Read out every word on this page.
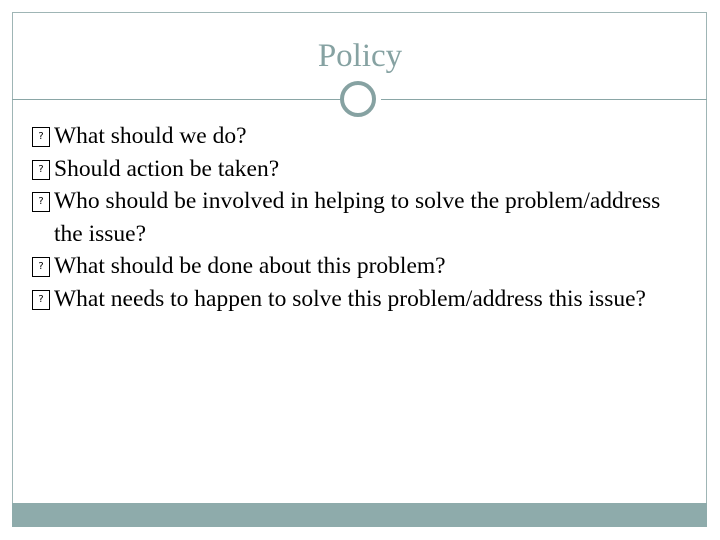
Policy
? What should we do?
? Should action be taken?
? Who should be involved in helping to solve the problem/address the issue?
? What should be done about this problem?
? What needs to happen to solve this problem/address this issue?
